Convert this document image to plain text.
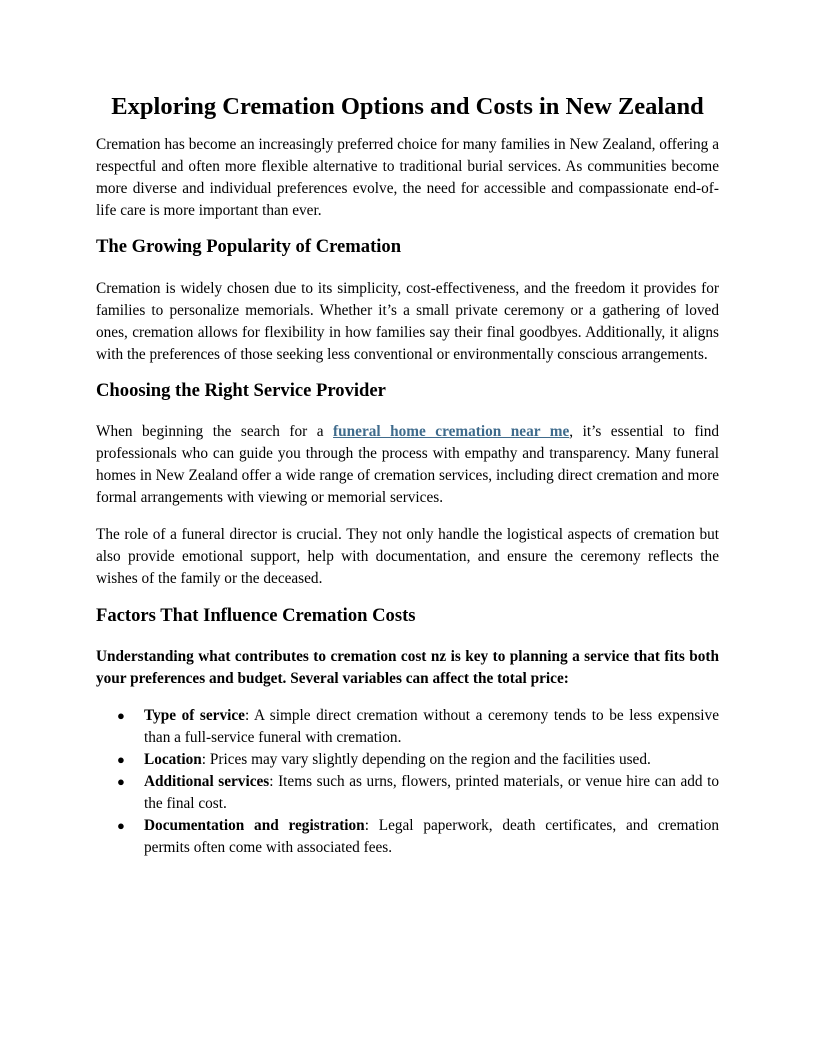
Exploring Cremation Options and Costs in New Zealand

Cremation has become an increasingly preferred choice for many families in New Zealand, offering a respectful and often more flexible alternative to traditional burial services. As communities become more diverse and individual preferences evolve, the need for accessible and compassionate end-of-life care is more important than ever.

The Growing Popularity of Cremation

Cremation is widely chosen due to its simplicity, cost-effectiveness, and the freedom it provides for families to personalize memorials. Whether it’s a small private ceremony or a gathering of loved ones, cremation allows for flexibility in how families say their final goodbyes. Additionally, it aligns with the preferences of those seeking less conventional or environmentally conscious arrangements.

Choosing the Right Service Provider

When beginning the search for a funeral home cremation near me, it’s essential to find professionals who can guide you through the process with empathy and transparency. Many funeral homes in New Zealand offer a wide range of cremation services, including direct cremation and more formal arrangements with viewing or memorial services.

The role of a funeral director is crucial. They not only handle the logistical aspects of cremation but also provide emotional support, help with documentation, and ensure the ceremony reflects the wishes of the family or the deceased.

Factors That Influence Cremation Costs

Understanding what contributes to cremation cost nz is key to planning a service that fits both your preferences and budget. Several variables can affect the total price:

● Type of service: A simple direct cremation without a ceremony tends to be less expensive than a full-service funeral with cremation.
● Location: Prices may vary slightly depending on the region and the facilities used.
● Additional services: Items such as urns, flowers, printed materials, or venue hire can add to the final cost.
● Documentation and registration: Legal paperwork, death certificates, and cremation permits often come with associated fees.
